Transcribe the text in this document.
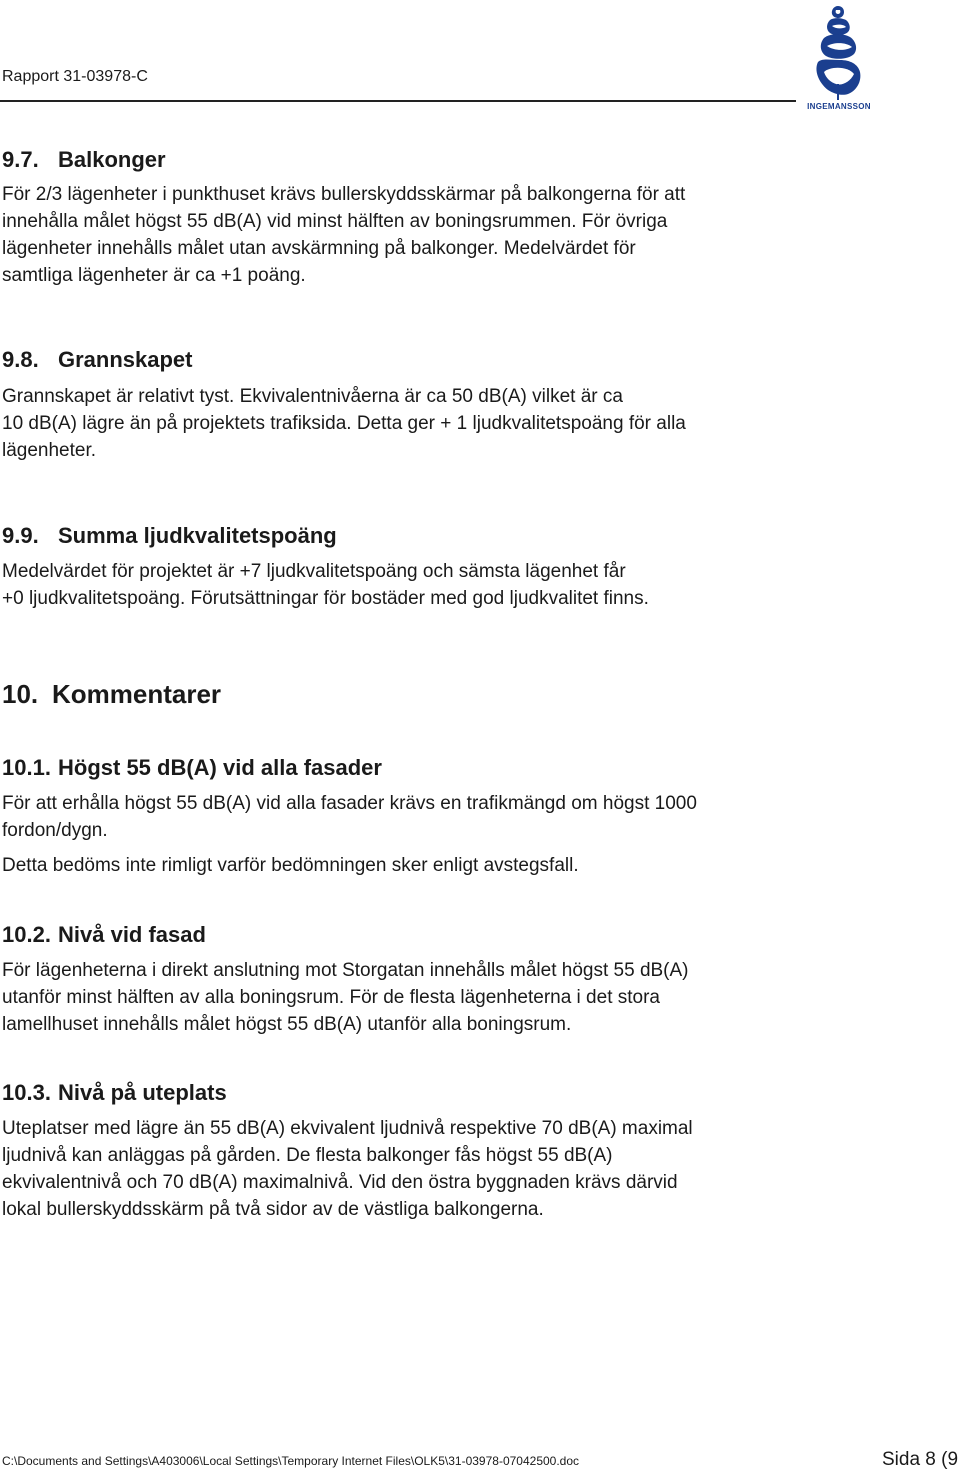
Rapport 31-03978-C
INGEMANSSON
9.7. Balkonger
För 2/3 lägenheter i punkthuset krävs bullerskyddsskärmar på balkongerna för att
innehålla målet högst 55 dB(A) vid minst hälften av boningsrummen. För övriga
lägenheter innehålls målet utan avskärmning på balkonger. Medelvärdet för
samtliga lägenheter är ca +1 poäng.
9.8. Grannskapet
Grannskapet är relativt tyst. Ekvivalentnivåerna är ca 50 dB(A) vilket är ca
10 dB(A) lägre än på projektets trafiksida. Detta ger + 1 ljudkvalitetspoäng för alla
lägenheter.
9.9. Summa ljudkvalitetspoäng
Medelvärdet för projektet är +7 ljudkvalitetspoäng och sämsta lägenhet får
+0 ljudkvalitetspoäng. Förutsättningar för bostäder med god ljudkvalitet finns.
10. Kommentarer
10.1. Högst 55 dB(A) vid alla fasader
För att erhålla högst 55 dB(A) vid alla fasader krävs en trafikmängd om högst 1000
fordon/dygn.
Detta bedöms inte rimligt varför bedömningen sker enligt avstegsfall.
10.2. Nivå vid fasad
För lägenheterna i direkt anslutning mot Storgatan innehålls målet högst 55 dB(A)
utanför minst hälften av alla boningsrum. För de flesta lägenheterna i det stora
lamellhuset innehålls målet högst 55 dB(A) utanför alla boningsrum.
10.3. Nivå på uteplats
Uteplatser med lägre än 55 dB(A) ekvivalent ljudnivå respektive 70 dB(A) maximal
ljudnivå kan anläggas på gården. De flesta balkonger fås högst 55 dB(A)
ekvivalentnivå och 70 dB(A) maximalnivå. Vid den östra byggnaden krävs därvid
lokal bullerskyddsskärm på två sidor av de västliga balkongerna.
C:\Documents and Settings\A403006\Local Settings\Temporary Internet Files\OLK5\31-03978-07042500.doc	Sida 8 (9
